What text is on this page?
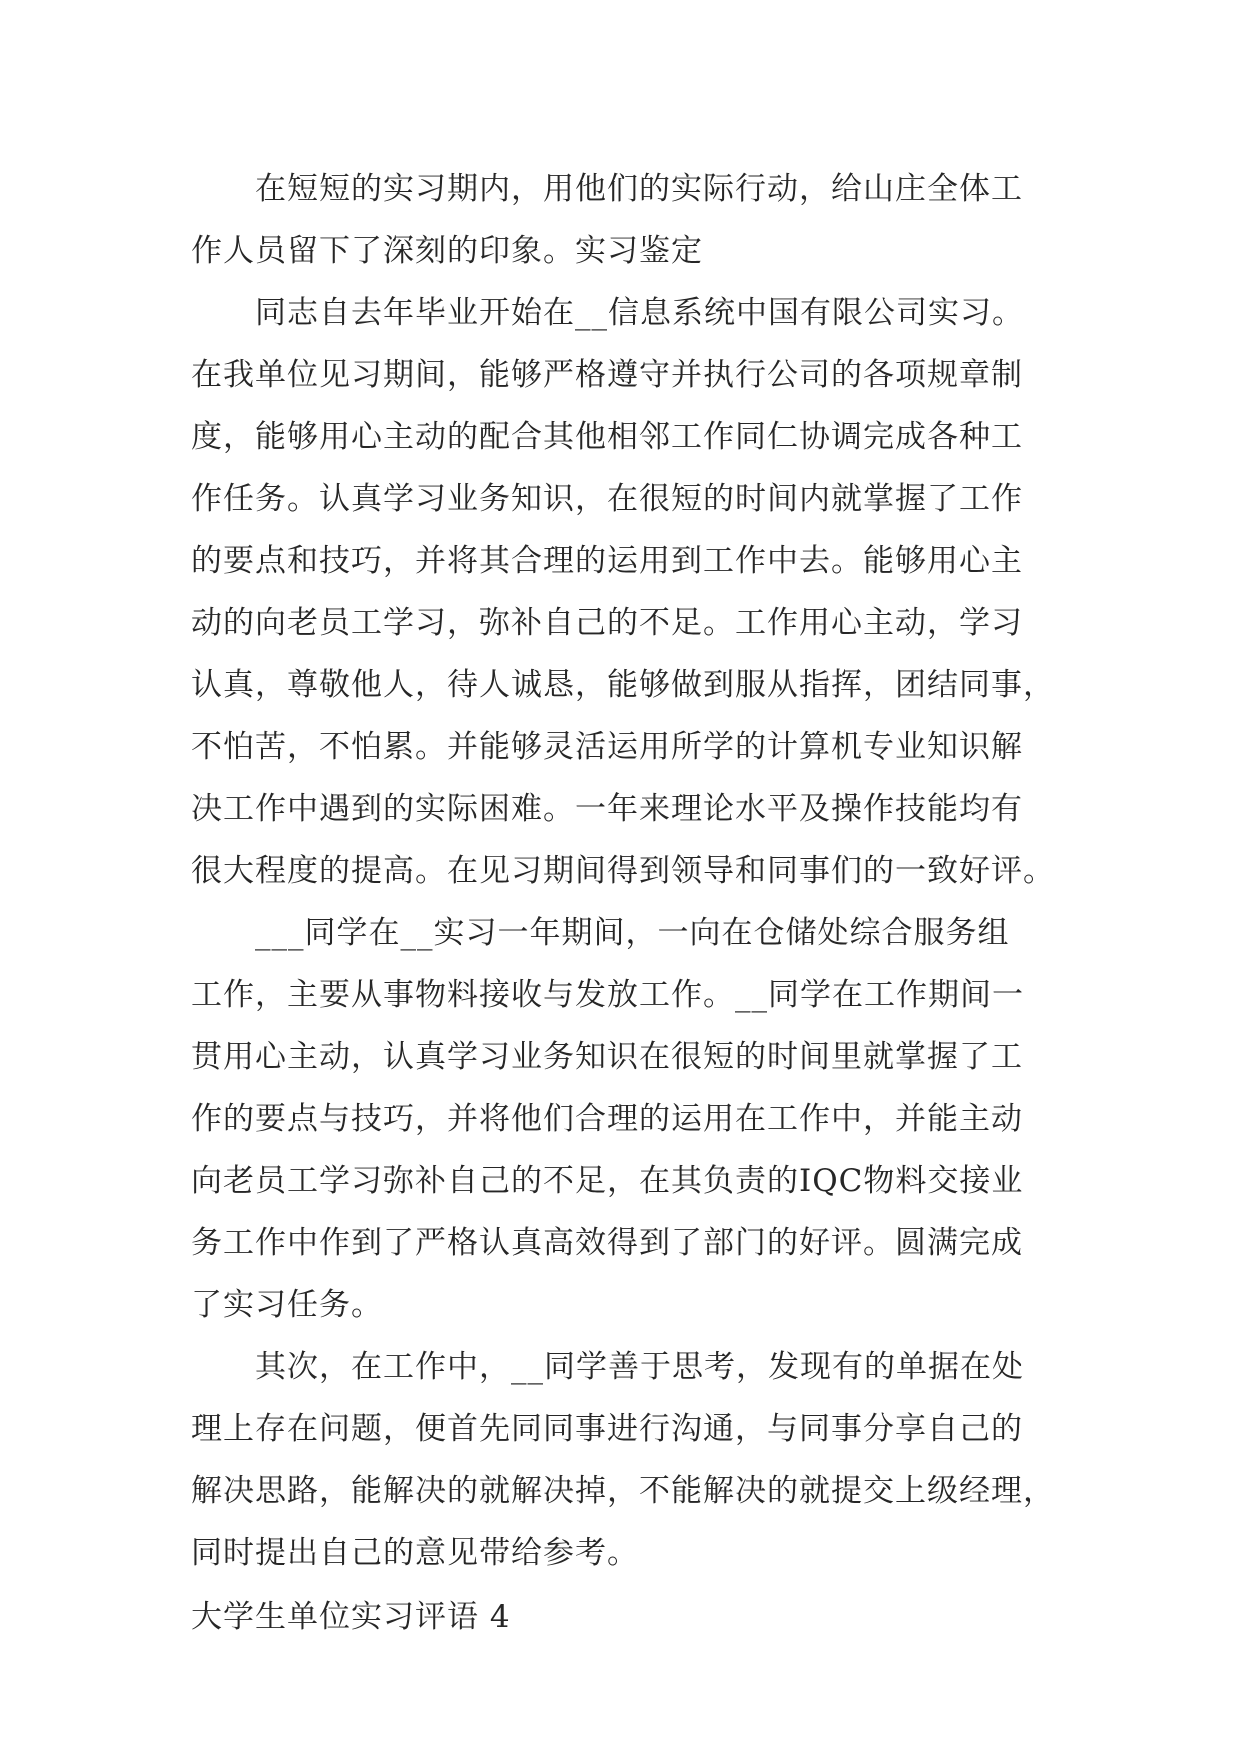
在短短的实习期内，用他们的实际行动，给山庄全体工
作人员留下了深刻的印象。实习鉴定
同志自去年毕业开始在__信息系统中国有限公司实习。
在我单位见习期间，能够严格遵守并执行公司的各项规章制
度，能够用心主动的配合其他相邻工作同仁协调完成各种工
作任务。认真学习业务知识，在很短的时间内就掌握了工作
的要点和技巧，并将其合理的运用到工作中去。能够用心主
动的向老员工学习，弥补自己的不足。工作用心主动，学习
认真，尊敬他人，待人诚恳，能够做到服从指挥，团结同事，
不怕苦，不怕累。并能够灵活运用所学的计算机专业知识解
决工作中遇到的实际困难。一年来理论水平及操作技能均有
很大程度的提高。在见习期间得到领导和同事们的一致好评。
___同学在__实习一年期间，一向在仓储处综合服务组
工作，主要从事物料接收与发放工作。__同学在工作期间一
贯用心主动，认真学习业务知识在很短的时间里就掌握了工
作的要点与技巧，并将他们合理的运用在工作中，并能主动
向老员工学习弥补自己的不足，在其负责的IQC物料交接业
务工作中作到了严格认真高效得到了部门的好评。圆满完成
了实习任务。
其次，在工作中，__同学善于思考，发现有的单据在处
理上存在问题，便首先同同事进行沟通，与同事分享自己的
解决思路，能解决的就解决掉，不能解决的就提交上级经理，
同时提出自己的意见带给参考。
大学生单位实习评语 4
